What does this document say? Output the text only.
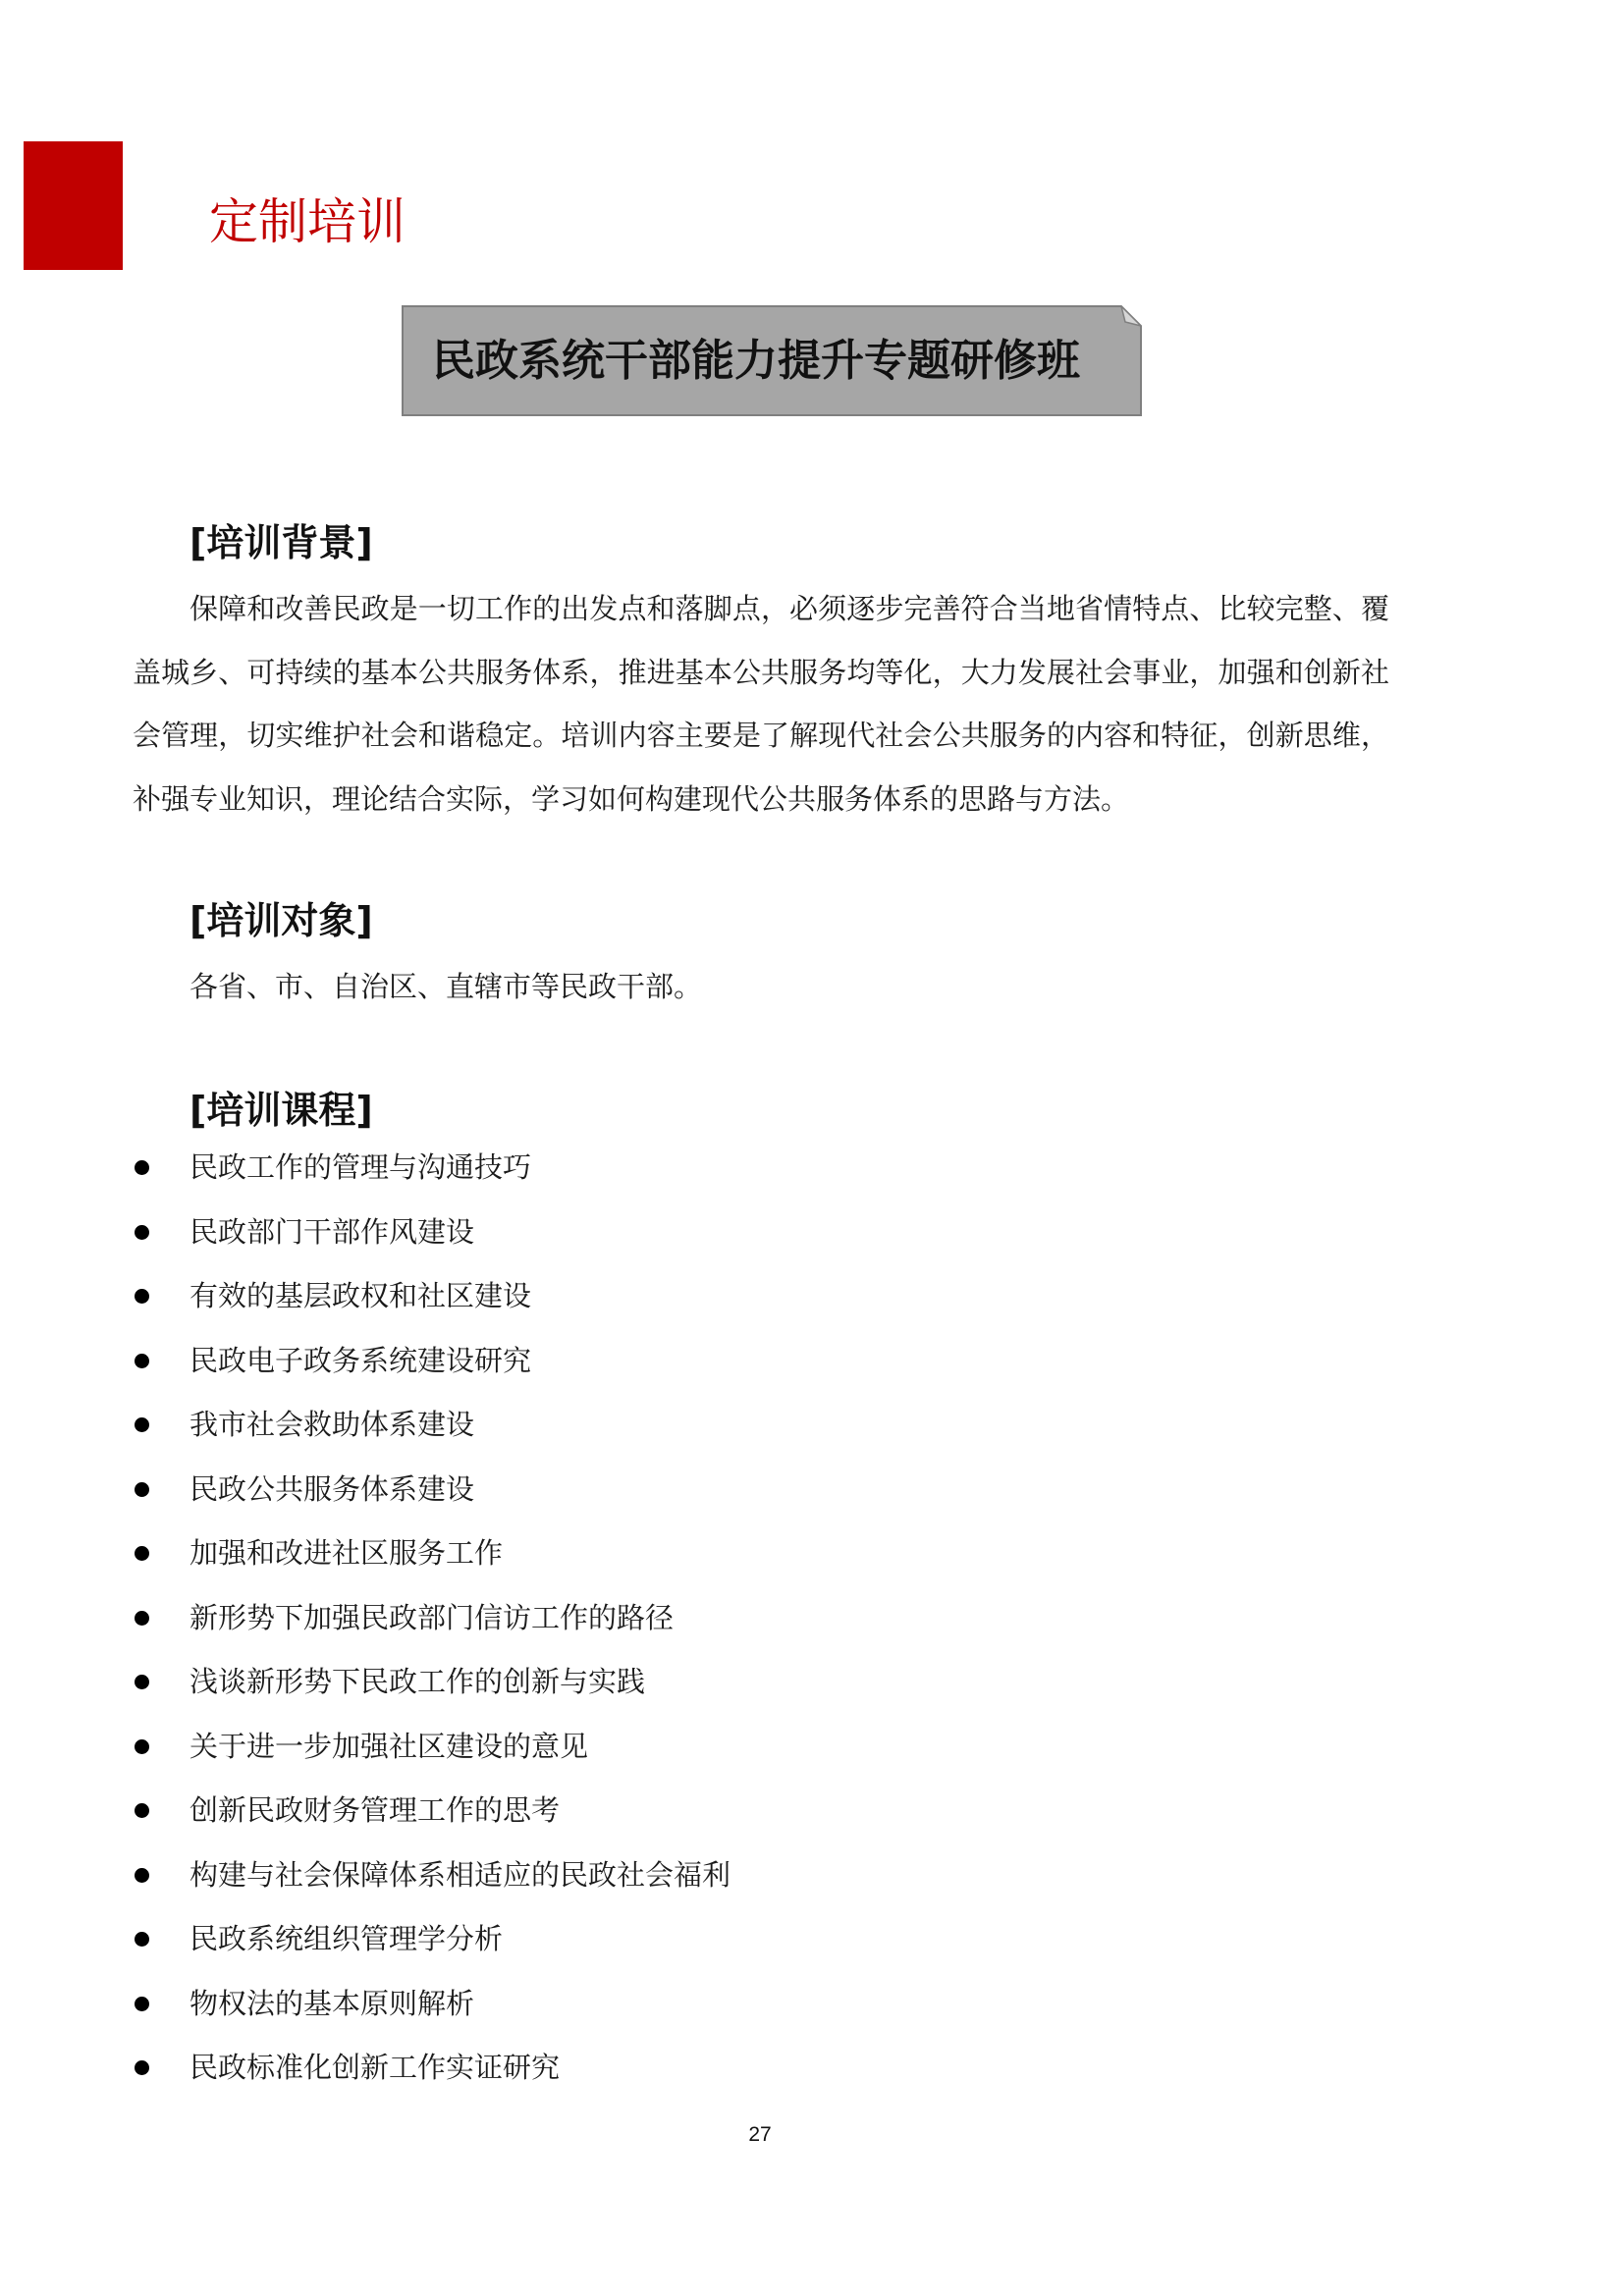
定制培训
民政系统干部能力提升专题研修班
[培训背景]

保障和改善民政是一切工作的出发点和落脚点，必须逐步完善符合当地省情特点、比较完整、覆盖城乡、可持续的基本公共服务体系，推进基本公共服务均等化，大力发展社会事业，加强和创新社会管理，切实维护社会和谐稳定。培训内容主要是了解现代社会公共服务的内容和特征，创新思维，补强专业知识，理论结合实际，学习如何构建现代公共服务体系的思路与方法。

[培训对象]

各省、市、自治区、直辖市等民政干部。

[培训课程]
民政工作的管理与沟通技巧
民政部门干部作风建设
有效的基层政权和社区建设
民政电子政务系统建设研究
我市社会救助体系建设
民政公共服务体系建设
加强和改进社区服务工作
新形势下加强民政部门信访工作的路径
浅谈新形势下民政工作的创新与实践
关于进一步加强社区建设的意见
创新民政财务管理工作的思考
构建与社会保障体系相适应的民政社会福利
民政系统组织管理学分析
物权法的基本原则解析
民政标准化创新工作实证研究
27
